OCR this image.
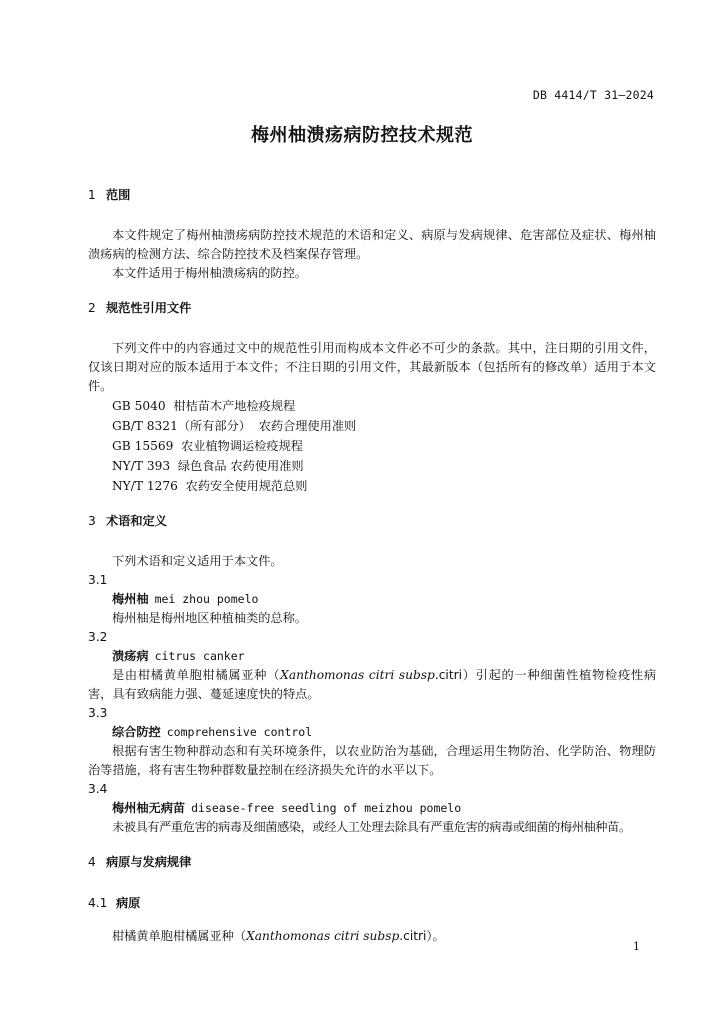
DB 4414/T 31—2024
梅州柚溃疡病防控技术规范
1 范围

本文件规定了梅州柚溃疡病防控技术规范的术语和定义、病原与发病规律、危害部位及症状、梅州柚溃疡病的检测方法、综合防控技术及档案保存管理。

本文件适用于梅州柚溃疡病的防控。

2 规范性引用文件

下列文件中的内容通过文中的规范性引用而构成本文件必不可少的条款。其中，注日期的引用文件，仅该日期对应的版本适用于本文件；不注日期的引用文件，其最新版本（包括所有的修改单）适用于本文件。

GB 5040 柑桔苗木产地检疫规程

GB/T 8321（所有部分） 农药合理使用准则

GB 15569 农业植物调运检疫规程

NY/T 393 绿色食品 农药使用准则

NY/T 1276 农药安全使用规范总则

3 术语和定义

下列术语和定义适用于本文件。

3.1

梅州柚 mei zhou pomelo

梅州柚是梅州地区种植柚类的总称。

3.2

溃疡病 citrus canker

是由柑橘黄单胞柑橘属亚种（Xanthomonas citri subsp.citri）引起的一种细菌性植物检疫性病害，具有致病能力强、蔓延速度快的特点。

3.3

综合防控 comprehensive control

根据有害生物种群动态和有关环境条件，以农业防治为基础，合理运用生物防治、化学防治、物理防治等措施，将有害生物种群数量控制在经济损失允许的水平以下。

3.4

梅州柚无病苗 disease-free seedling of meizhou pomelo

未被具有严重危害的病毒及细菌感染，或经人工处理去除具有严重危害的病毒或细菌的梅州柚种苗。

4 病原与发病规律
4.1 病原

柑橘黄单胞柑橘属亚种（Xanthomonas citri subsp.citri）。

1
